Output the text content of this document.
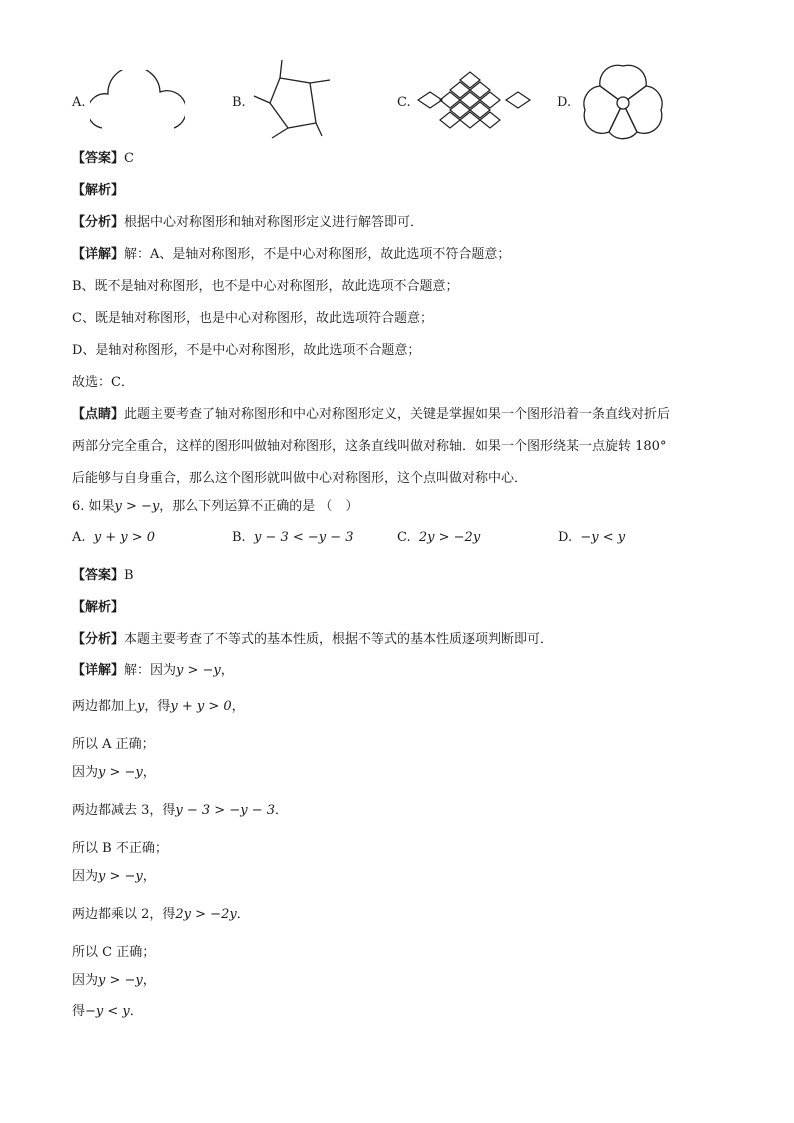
A.	B.	C.	D.
【答案】C
【解析】
【分析】根据中心对称图形和轴对称图形定义进行解答即可．
【详解】解：A、是轴对称图形，不是中心对称图形，故此选项不符合题意；
B、既不是轴对称图形，也不是中心对称图形，故此选项不合题意；
C、既是轴对称图形，也是中心对称图形，故此选项符合题意；
D、是轴对称图形，不是中心对称图形，故此选项不合题意；
故选：C．
【点睛】此题主要考查了轴对称图形和中心对称图形定义，关键是掌握如果一个图形沿着一条直线对折后
两部分完全重合，这样的图形叫做轴对称图形，这条直线叫做对称轴．如果一个图形绕某一点旋转 180°
后能够与自身重合，那么这个图形就叫做中心对称图形，这个点叫做对称中心．
6. 如果y > −y，那么下列运算不正确的是 （　）
A. y + y > 0	B. y − 3 < −y − 3	C. 2y > −2y	D. −y < y
【答案】B
【解析】
【分析】本题主要考查了不等式的基本性质，根据不等式的基本性质逐项判断即可．
【详解】解：因为y > −y，
两边都加上y，得y + y > 0，
所以 A 正确；
因为y > −y，
两边都减去 3，得y − 3 > −y − 3．
所以 B 不正确；
因为y > −y，
两边都乘以 2，得2y > −2y．
所以 C 正确；
因为y > −y，
得−y < y．
